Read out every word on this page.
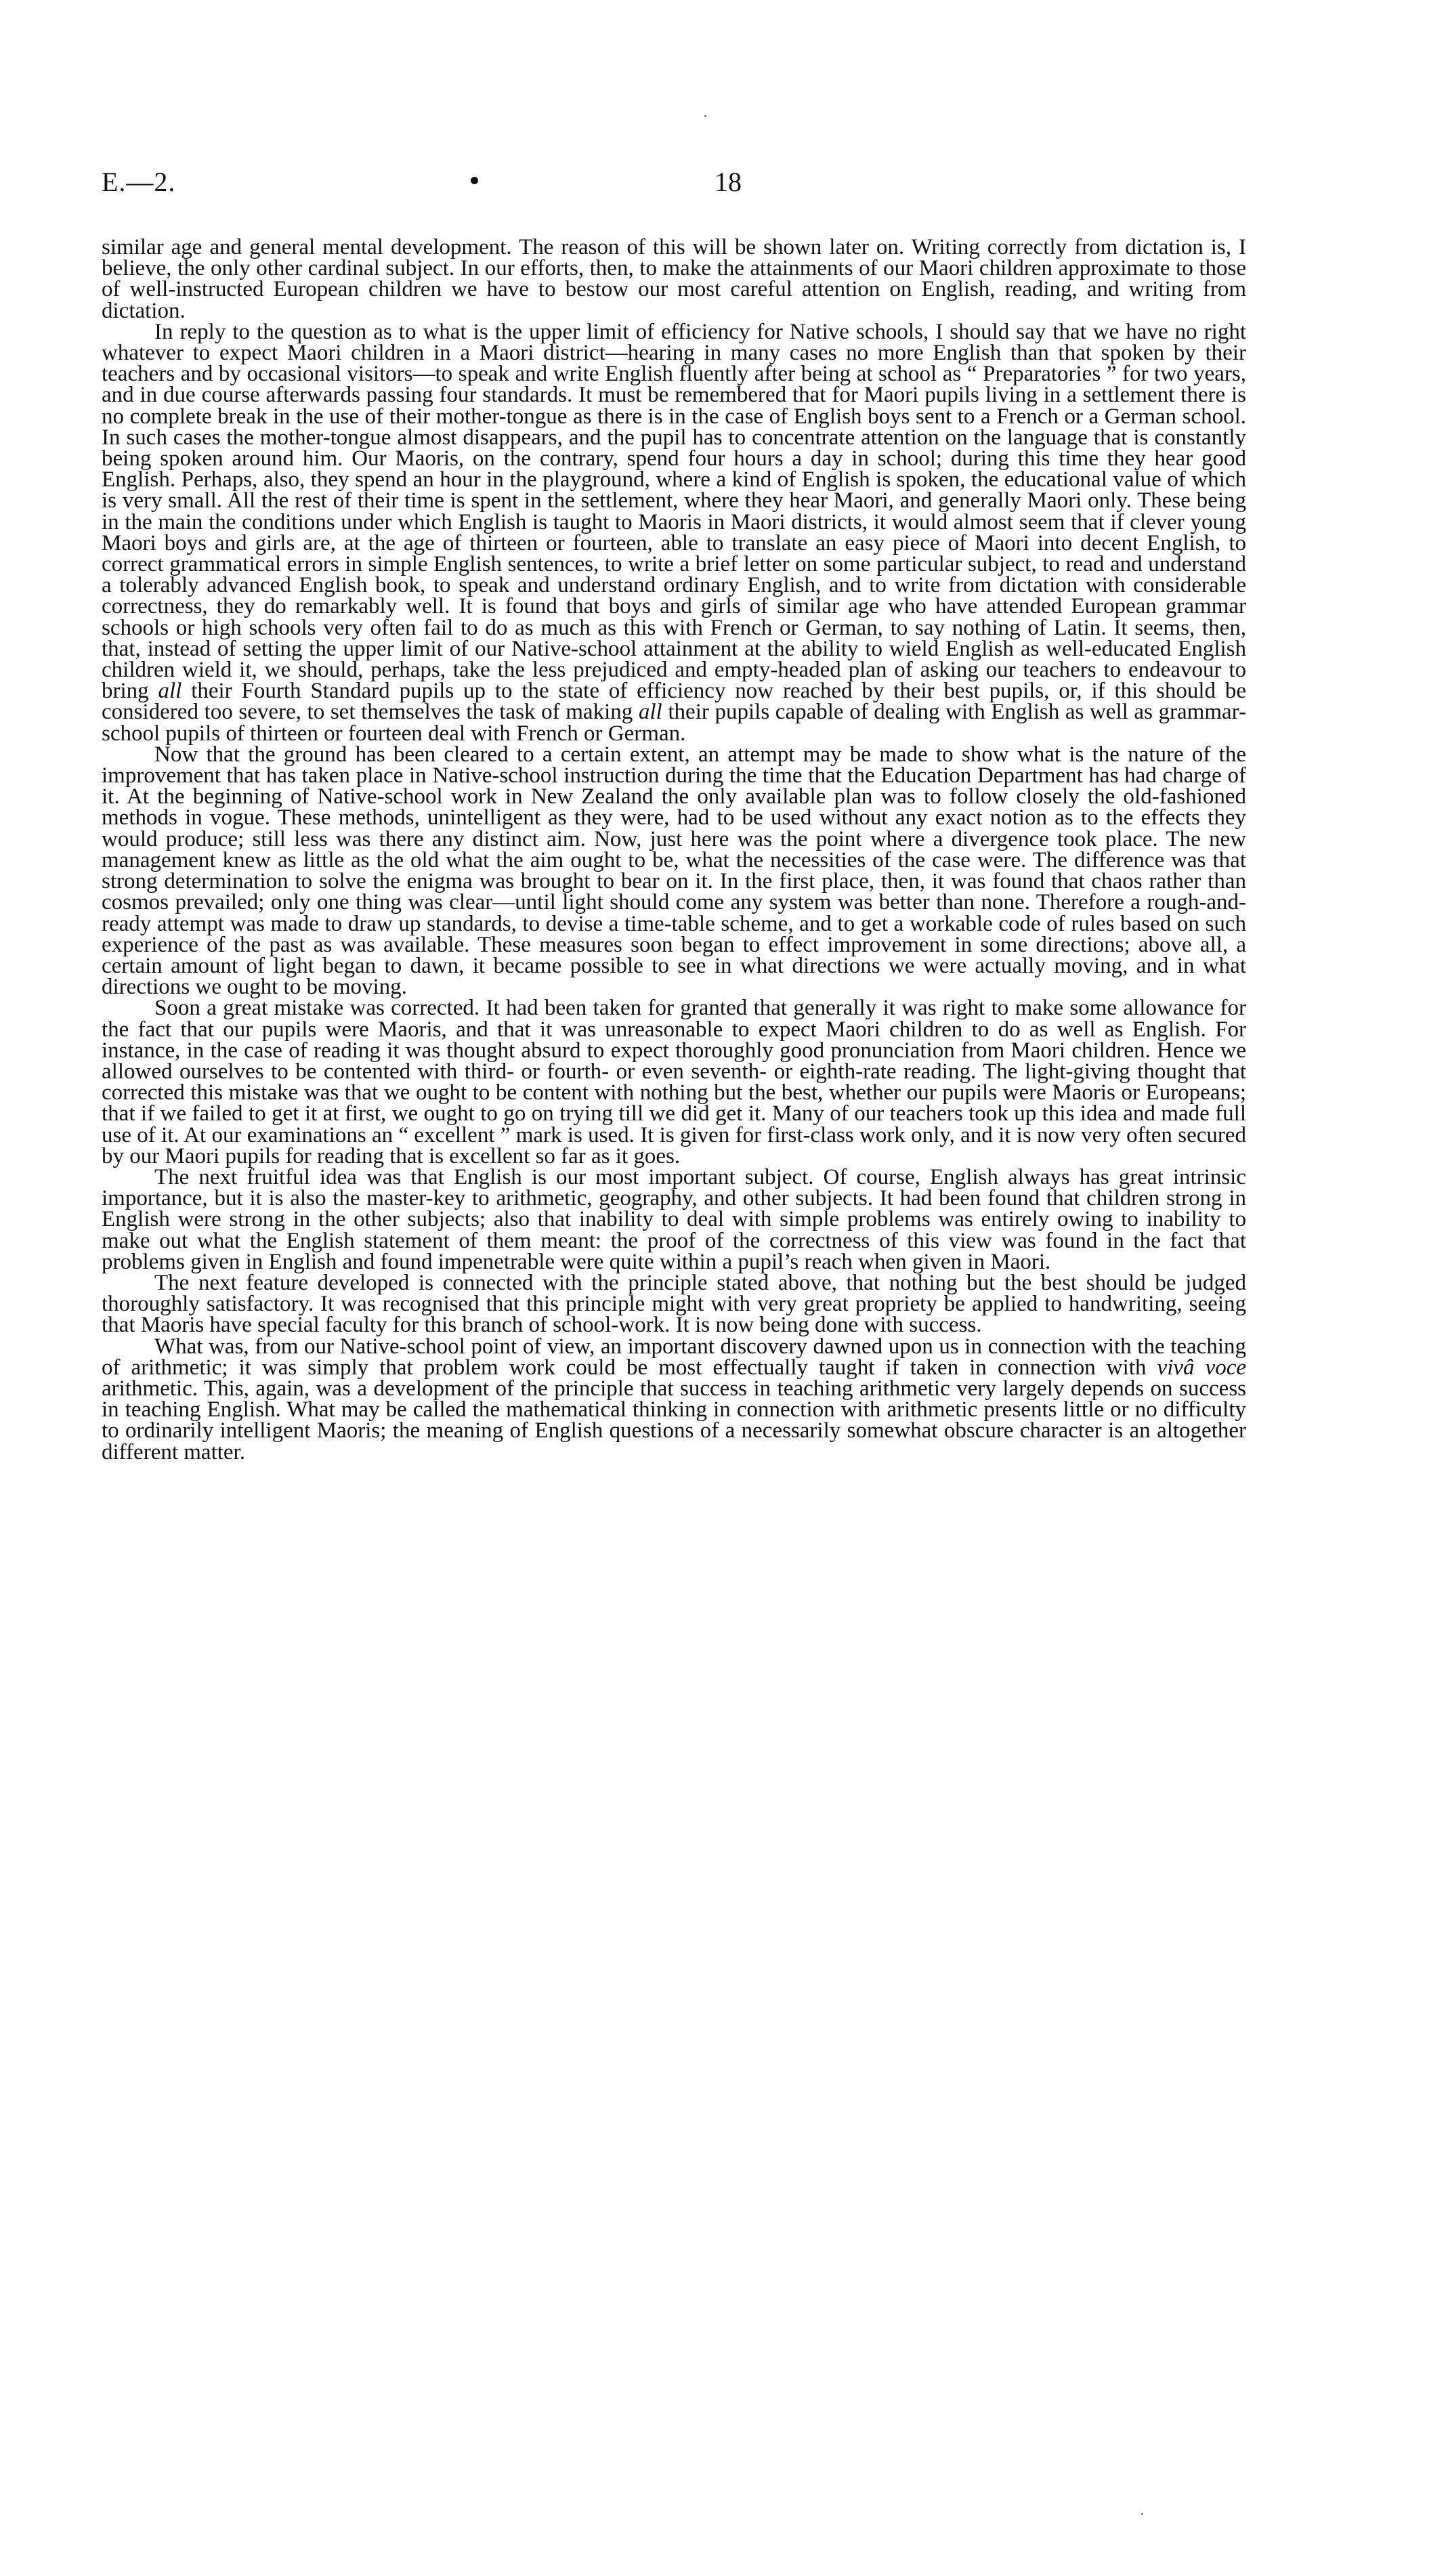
E.—2.	18

similar age and general mental development. The reason of this will be shown later on. Writing correctly from dictation is, I believe, the only other cardinal subject. In our efforts, then, to make the attainments of our Maori children approximate to those of well-instructed European children we have to bestow our most careful attention on English, reading, and writing from dictation.

In reply to the question as to what is the upper limit of efficiency for Native schools, I should say that we have no right whatever to expect Maori children in a Maori district—hearing in many cases no more English than that spoken by their teachers and by occasional visitors—to speak and write English fluently after being at school as “ Preparatories ” for two years, and in due course afterwards passing four standards. It must be remembered that for Maori pupils living in a settlement there is no complete break in the use of their mother-tongue as there is in the case of English boys sent to a French or a German school. In such cases the mother-tongue almost disappears, and the pupil has to concentrate attention on the language that is constantly being spoken around him. Our Maoris, on the contrary, spend four hours a day in school; during this time they hear good English. Perhaps, also, they spend an hour in the playground, where a kind of English is spoken, the educational value of which is very small. All the rest of their time is spent in the settlement, where they hear Maori, and generally Maori only. These being in the main the conditions under which English is taught to Maoris in Maori districts, it would almost seem that if clever young Maori boys and girls are, at the age of thirteen or fourteen, able to translate an easy piece of Maori into decent English, to correct grammatical errors in simple English sentences, to write a brief letter on some particular subject, to read and understand a tolerably advanced English book, to speak and understand ordinary English, and to write from dictation with considerable correctness, they do remarkably well. It is found that boys and girls of similar age who have attended European grammar schools or high schools very often fail to do as much as this with French or German, to say nothing of Latin. It seems, then, that, instead of setting the upper limit of our Native-school attainment at the ability to wield English as well-educated English children wield it, we should, perhaps, take the less prejudiced and empty-headed plan of asking our teachers to endeavour to bring all their Fourth Standard pupils up to the state of efficiency now reached by their best pupils, or, if this should be considered too severe, to set themselves the task of making all their pupils capable of dealing with English as well as grammar-school pupils of thirteen or fourteen deal with French or German.

Now that the ground has been cleared to a certain extent, an attempt may be made to show what is the nature of the improvement that has taken place in Native-school instruction during the time that the Education Department has had charge of it. At the beginning of Native-school work in New Zealand the only available plan was to follow closely the old-fashioned methods in vogue. These methods, unintelligent as they were, had to be used without any exact notion as to the effects they would produce; still less was there any distinct aim. Now, just here was the point where a divergence took place. The new management knew as little as the old what the aim ought to be, what the necessities of the case were. The difference was that strong determination to solve the enigma was brought to bear on it. In the first place, then, it was found that chaos rather than cosmos prevailed; only one thing was clear—until light should come any system was better than none. Therefore a rough-and-ready attempt was made to draw up standards, to devise a time-table scheme, and to get a workable code of rules based on such experience of the past as was available. These measures soon began to effect improvement in some directions; above all, a certain amount of light began to dawn, it became possible to see in what directions we were actually moving, and in what directions we ought to be moving.

Soon a great mistake was corrected. It had been taken for granted that generally it was right to make some allowance for the fact that our pupils were Maoris, and that it was unreasonable to expect Maori children to do as well as English. For instance, in the case of reading it was thought absurd to expect thoroughly good pronunciation from Maori children. Hence we allowed ourselves to be contented with third- or fourth- or even seventh- or eighth-rate reading. The light-giving thought that corrected this mistake was that we ought to be content with nothing but the best, whether our pupils were Maoris or Europeans; that if we failed to get it at first, we ought to go on trying till we did get it. Many of our teachers took up this idea and made full use of it. At our examinations an “ excellent ” mark is used. It is given for first-class work only, and it is now very often secured by our Maori pupils for reading that is excellent so far as it goes.

The next fruitful idea was that English is our most important subject. Of course, English always has great intrinsic importance, but it is also the master-key to arithmetic, geography, and other subjects. It had been found that children strong in English were strong in the other subjects; also that inability to deal with simple problems was entirely owing to inability to make out what the English statement of them meant: the proof of the correctness of this view was found in the fact that problems given in English and found impenetrable were quite within a pupil’s reach when given in Maori.

The next feature developed is connected with the principle stated above, that nothing but the best should be judged thoroughly satisfactory. It was recognised that this principle might with very great propriety be applied to handwriting, seeing that Maoris have special faculty for this branch of school-work. It is now being done with success.

What was, from our Native-school point of view, an important discovery dawned upon us in connection with the teaching of arithmetic; it was simply that problem work could be most effectually taught if taken in connection with vivâ voce arithmetic. This, again, was a development of the principle that success in teaching arithmetic very largely depends on success in teaching English. What may be called the mathematical thinking in connection with arithmetic presents little or no difficulty to ordinarily intelligent Maoris; the meaning of English questions of a necessarily somewhat obscure character is an altogether different matter.
